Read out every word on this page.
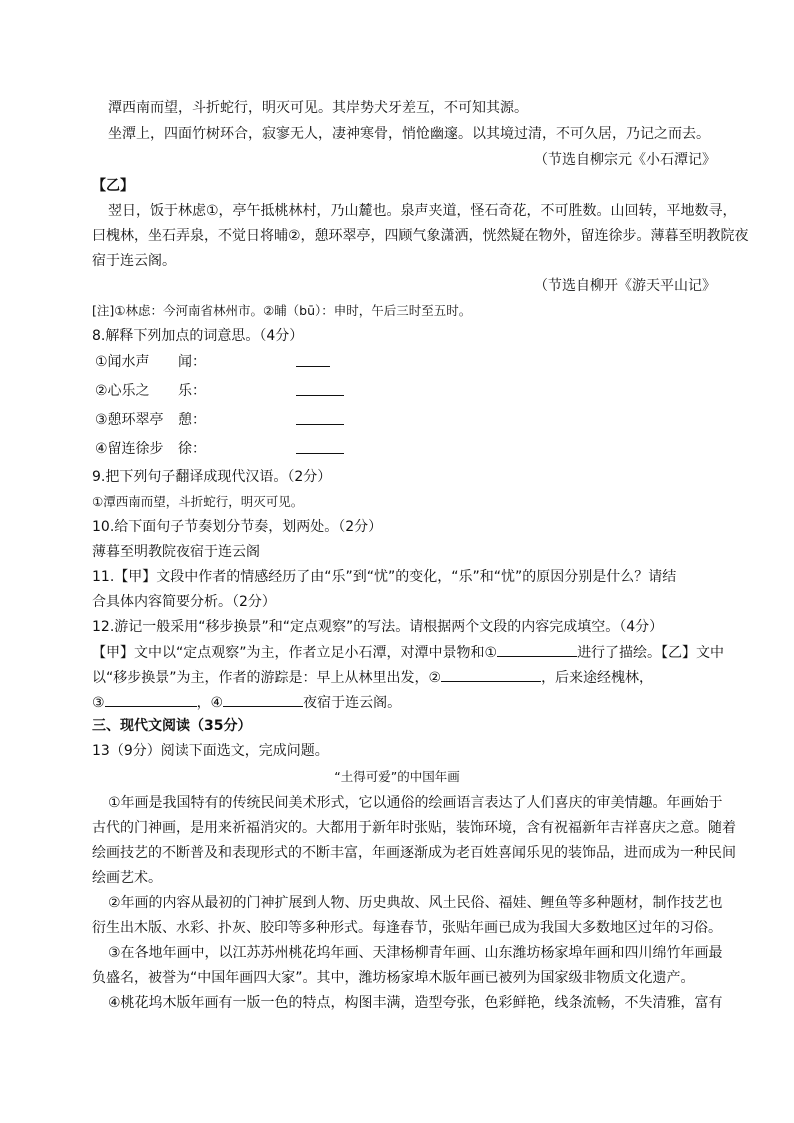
潭西南而望，斗折蛇行，明灭可见。其岸势犬牙差互，不可知其源。
坐潭上，四面竹树环合，寂寥无人，凄神寒骨，悄怆幽邃。以其境过清，不可久居，乃记之而去。
（节选自柳宗元《小石潭记》
【乙】
翌日，饭于林虑①，亭午抵桃林村，乃山麓也。泉声夹道，怪石奇花，不可胜数。山回转，平地数寻，
曰槐林，坐石弄泉，不觉日将晡②，憩环翠亭，四顾气象潇洒，恍然疑在物外，留连徐步。薄暮至明教院夜
宿于连云阁。
（节选自柳开《游天平山记》
[注]①林虑：今河南省林州市。②晡（bū）：申时，午后三时至五时。
8.解释下列加点的词意思。（4分）
①闻水声 闻：
②心乐之 乐：
③憩环翠亭 憩：
④留连徐步 徐：
9.把下列句子翻译成现代汉语。（2分）
①潭西南而望，斗折蛇行，明灭可见。
10.给下面句子节奏划分节奏，划两处。（2分）
薄暮至明教院夜宿于连云阁
11.【甲】文段中作者的情感经历了由“乐”到“忧”的变化，“乐”和“忧”的原因分别是什么？请结
合具体内容简要分析。（2分）
12.游记一般采用“移步换景”和“定点观察”的写法。请根据两个文段的内容完成填空。（4分）
【甲】文中以“定点观察”为主，作者立足小石潭，对潭中景物和①	进行了描绘。【乙】文中
以“移步换景”为主，作者的游踪是：早上从林里出发，②	，后来途经槐林，
③	，④	夜宿于连云阁。
三、现代文阅读（35分）
13（9分）阅读下面选文，完成问题。
“土得可爱”的中国年画
①年画是我国特有的传统民间美术形式，它以通俗的绘画语言表达了人们喜庆的审美情趣。年画始于
古代的门神画，是用来祈福消灾的。大都用于新年时张贴，装饰环境，含有祝福新年吉祥喜庆之意。随着
绘画技艺的不断普及和表现形式的不断丰富，年画逐渐成为老百姓喜闻乐见的装饰品，进而成为一种民间
绘画艺术。
②年画的内容从最初的门神扩展到人物、历史典故、风土民俗、福娃、鲤鱼等多种题材，制作技艺也
衍生出木版、水彩、扑灰、胶印等多种形式。每逢春节，张贴年画已成为我国大多数地区过年的习俗。
③在各地年画中，以江苏苏州桃花坞年画、天津杨柳青年画、山东潍坊杨家埠年画和四川绵竹年画最
负盛名，被誉为“中国年画四大家”。其中，潍坊杨家埠木版年画已被列为国家级非物质文化遗产。
④桃花坞木版年画有一版一色的特点，构图丰满，造型夸张，色彩鲜艳，线条流畅，不失清雅，富有
